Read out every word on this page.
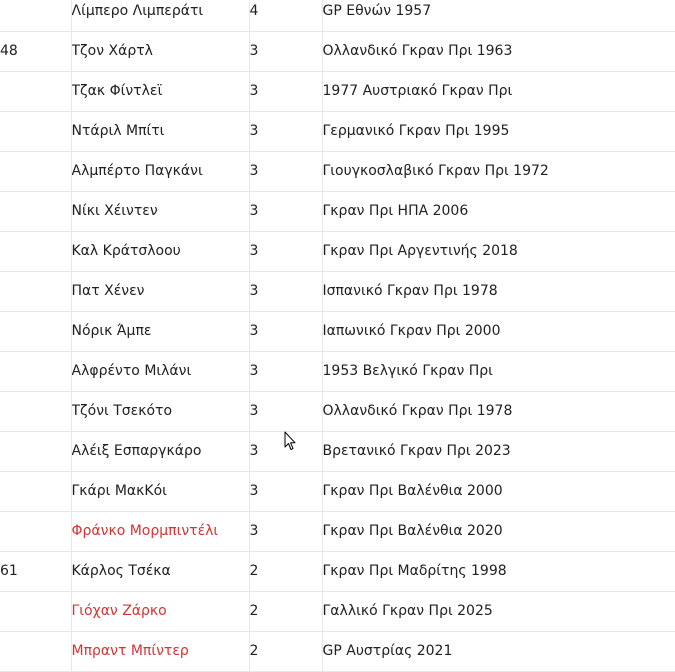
	Λίμπερο Λιμπεράτι	4	GP Εθνών 1957
48	Τζον Χάρτλ	3	Ολλανδικό Γκραν Πρι 1963
	Τζακ Φίντλεϊ	3	1977 Αυστριακό Γκραν Πρι
	Ντάριλ Μπίτι	3	Γερμανικό Γκραν Πρι 1995
	Αλμπέρτο Παγκάνι	3	Γιουγκοσλαβικό Γκραν Πρι 1972
	Νίκι Χέιντεν	3	Γκραν Πρι ΗΠΑ 2006
	Καλ Κράτσλοου	3	Γκραν Πρι Αργεντινής 2018
	Πατ Χένεν	3	Ισπανικό Γκραν Πρι 1978
	Νόρικ Άμπε	3	Ιαπωνικό Γκραν Πρι 2000
	Αλφρέντο Μιλάνι	3	1953 Βελγικό Γκραν Πρι
	Τζόνι Τσεκότο	3	Ολλανδικό Γκραν Πρι 1978
	Αλέιξ Εσπαργκάρο	3	Βρετανικό Γκραν Πρι 2023
	Γκάρι ΜακΚόι	3	Γκραν Πρι Βαλένθια 2000
	Φράνκο Μορμπιντέλι	3	Γκραν Πρι Βαλένθια 2020
61	Κάρλος Τσέκα	2	Γκραν Πρι Μαδρίτης 1998
	Γιόχαν Ζάρκο	2	Γαλλικό Γκραν Πρι 2025
	Μπραντ Μπίντερ	2	GP Αυστρίας 2021
